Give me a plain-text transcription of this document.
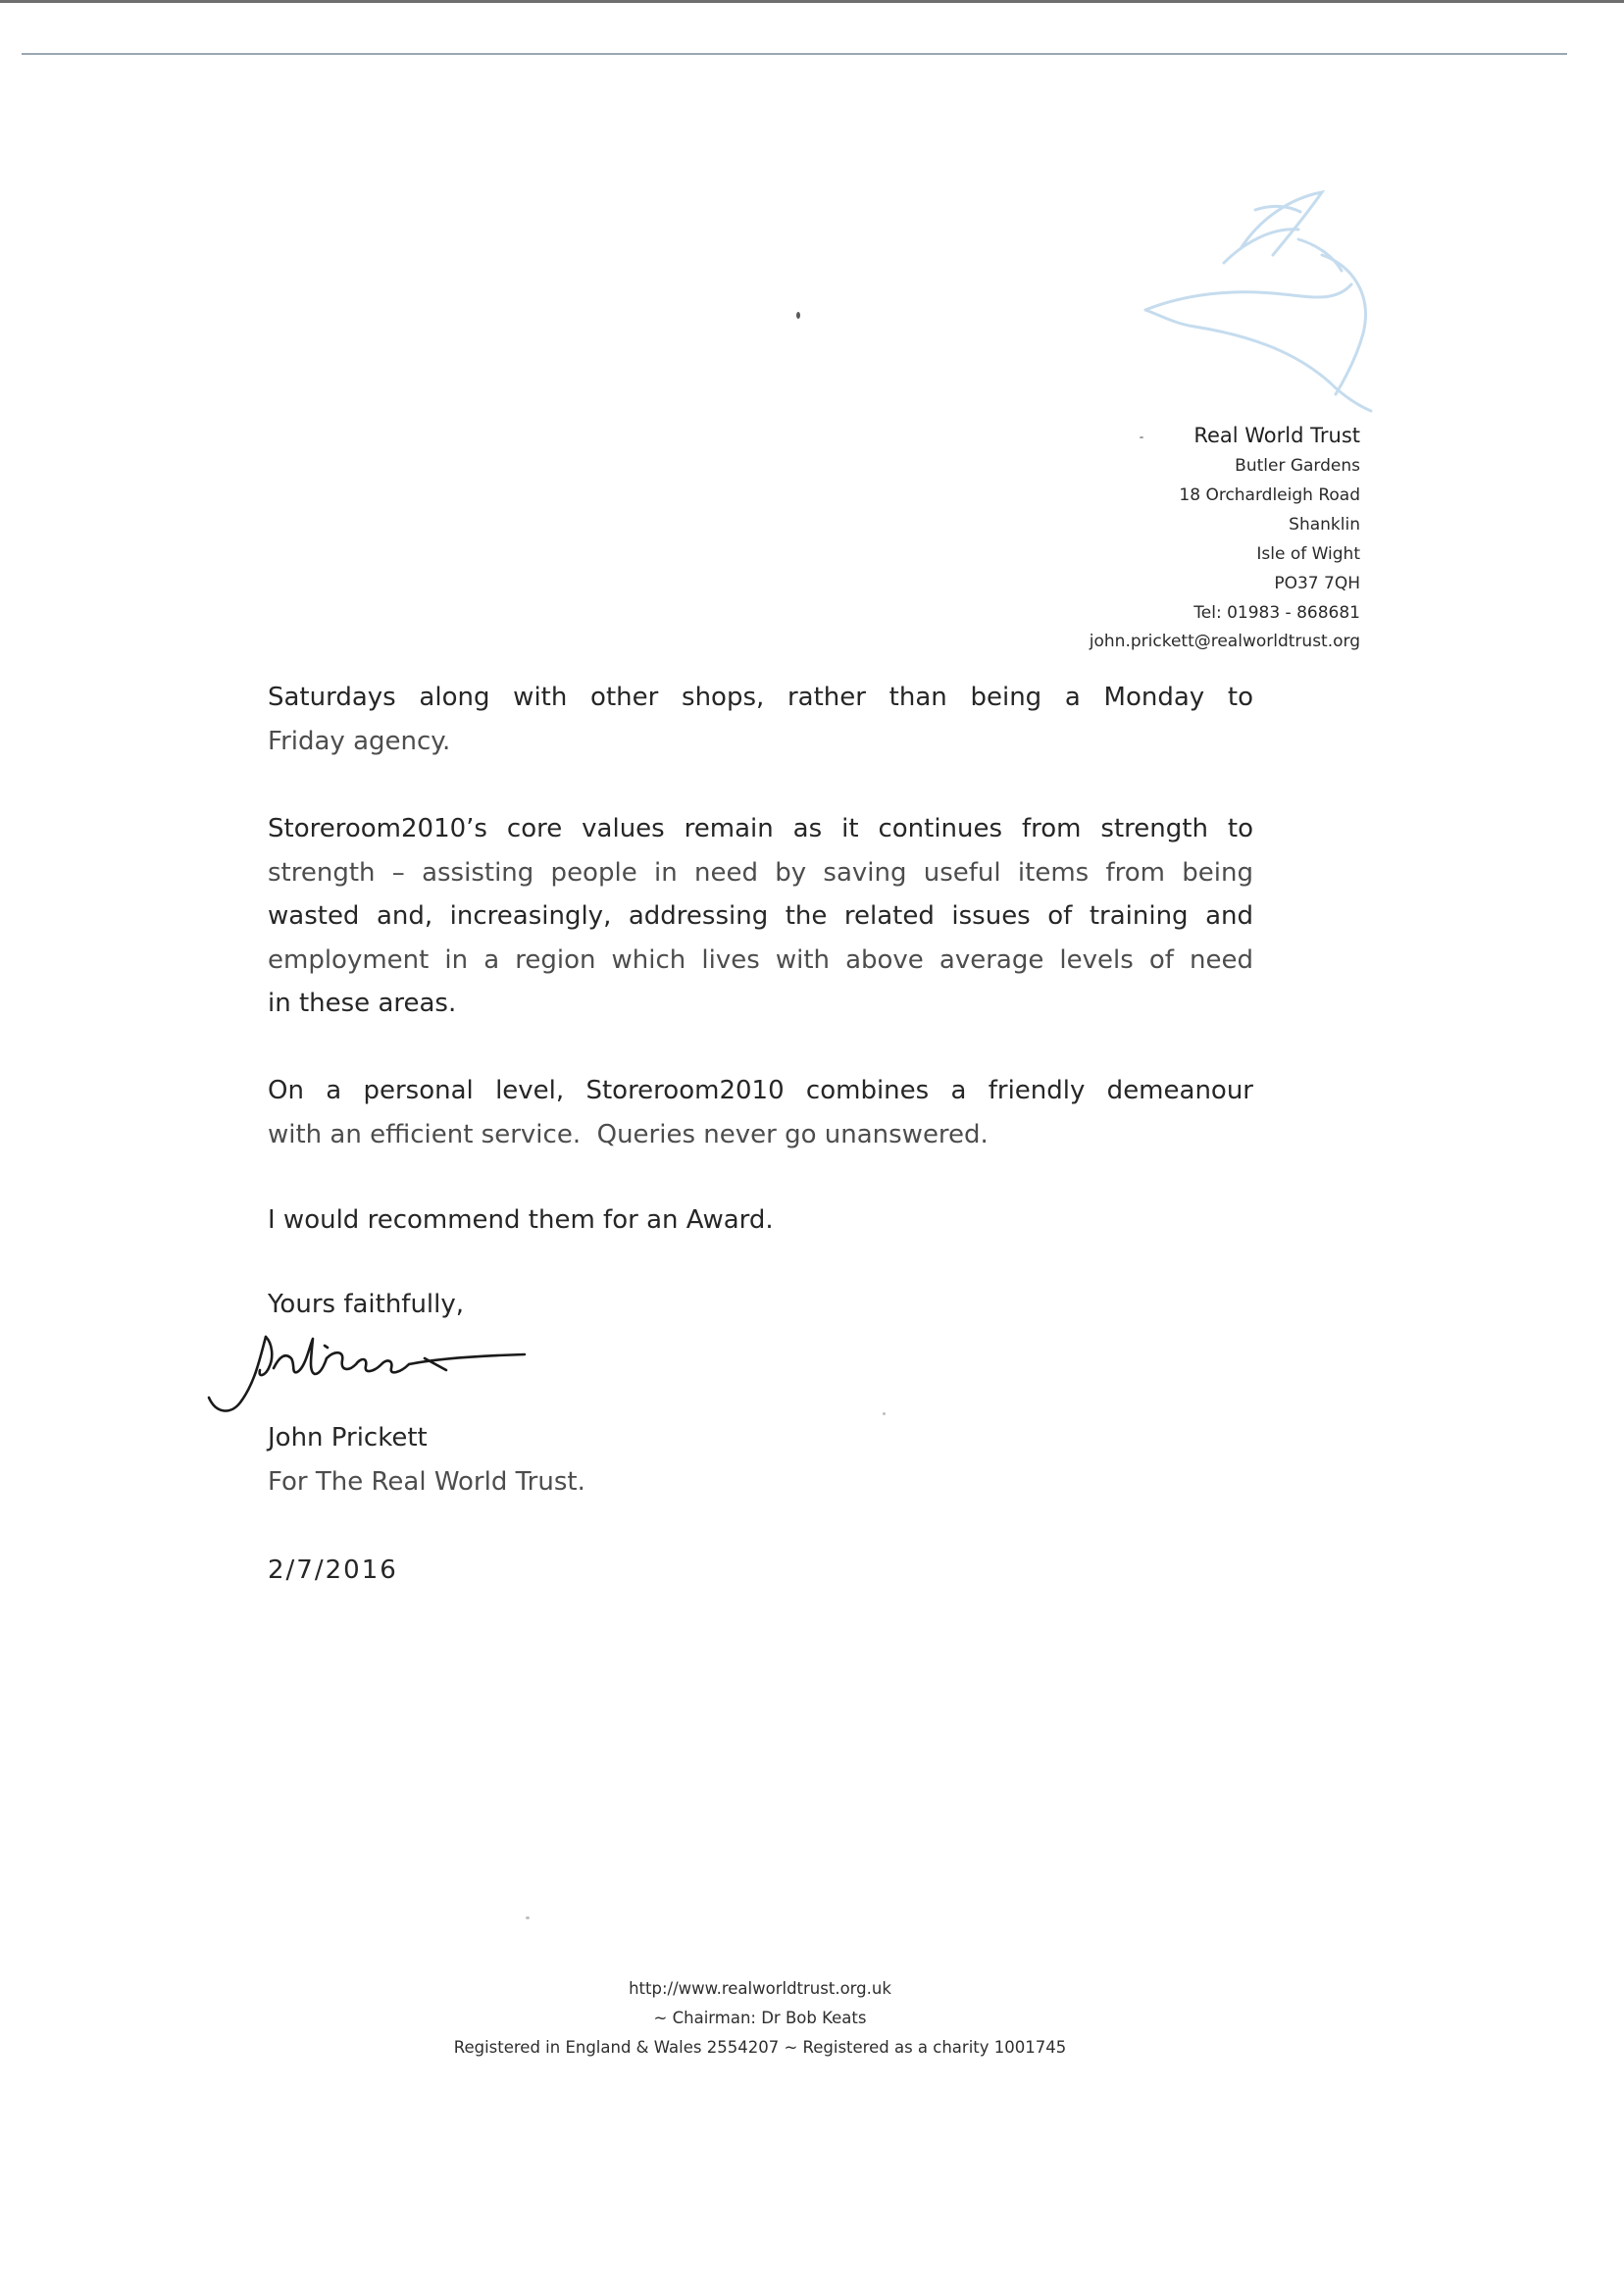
Real World Trust
Butler Gardens
18 Orchardleigh Road
Shanklin
Isle of Wight
PO37 7QH
Tel: 01983 - 868681
john.prickett@realworldtrust.org
Saturdays along with other shops, rather than being a Monday to
Friday agency.
Storeroom2010’s core values remain as it continues from strength to
strength – assisting people in need by saving useful items from being
wasted and, increasingly, addressing the related issues of training and
employment in a region which lives with above average levels of need
in these areas.
On a personal level, Storeroom2010 combines a friendly demeanour
with an efficient service.  Queries never go unanswered.
I would recommend them for an Award.
Yours faithfully,
John Prickett
For The Real World Trust.
2/7/2016
http://www.realworldtrust.org.uk
~ Chairman: Dr Bob Keats
Registered in England & Wales 2554207 ~ Registered as a charity 1001745
